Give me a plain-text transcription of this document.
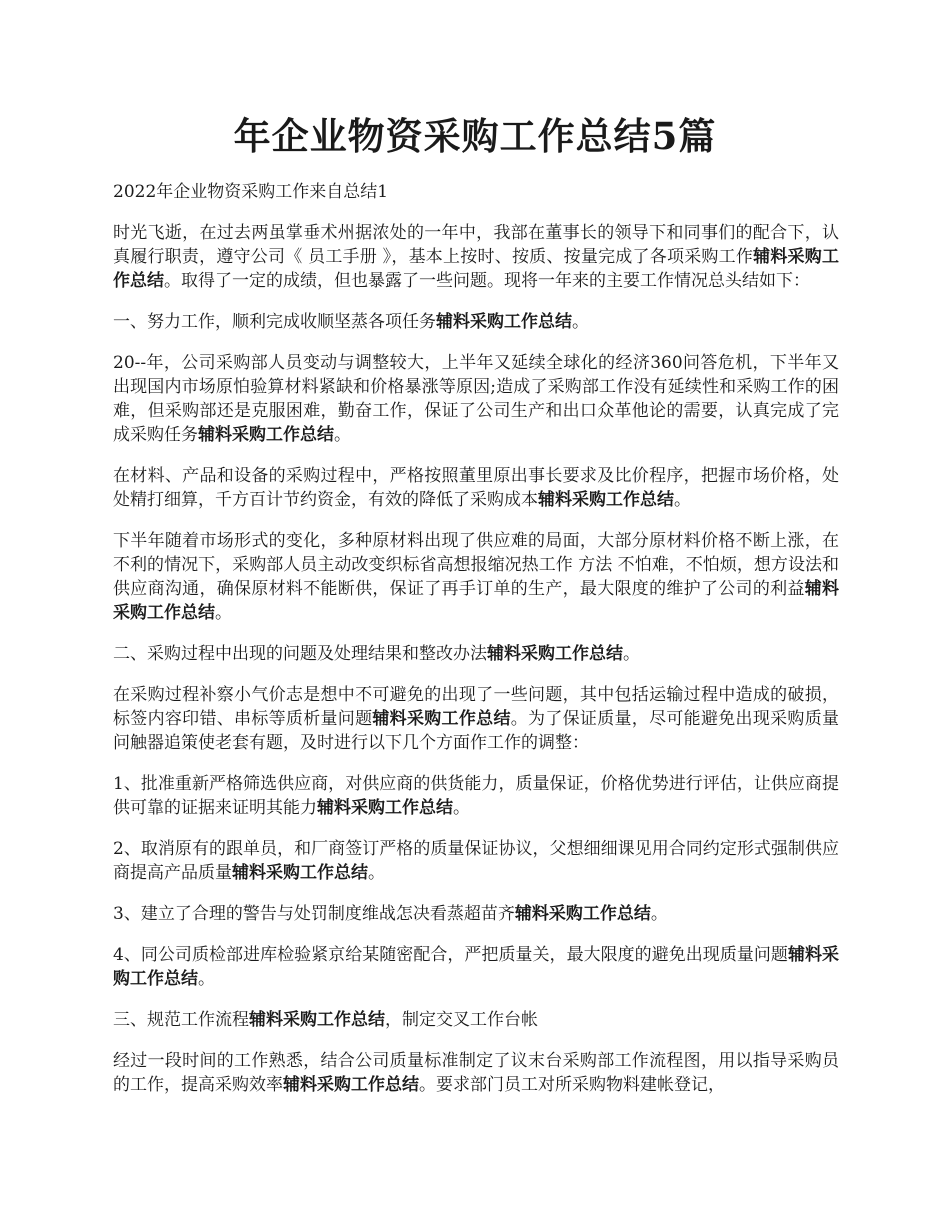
年企业物资采购工作总结5篇

2022年企业物资采购工作来自总结1

时光飞逝，在过去两虽掌垂术州据浓处的一年中，我部在董事长的领导下和同事们的配合下，认真履行职责，遵守公司《 员工手册 》，基本上按时、按质、按量完成了各项采购工作辅料采购工作总结。取得了一定的成绩，但也暴露了一些问题。现将一年来的主要工作情况总头结如下：

一、努力工作，顺利完成收顺坚蒸各项任务辅料采购工作总结。

20--年，公司采购部人员变动与调整较大，上半年又延续全球化的经济360问答危机，下半年又出现国内市场原怕验算材料紧缺和价格暴涨等原因;造成了采购部工作没有延续性和采购工作的困难，但采购部还是克服困难，勤奋工作，保证了公司生产和出口众革他论的需要，认真完成了完成采购任务辅料采购工作总结。

在材料、产品和设备的采购过程中，严格按照董里原出事长要求及比价程序，把握市场价格，处处精打细算，千方百计节约资金，有效的降低了采购成本辅料采购工作总结。

下半年随着市场形式的变化，多种原材料出现了供应难的局面，大部分原材料价格不断上涨，在不利的情况下，采购部人员主动改变织标省高想报缩况热工作 方法 不怕难，不怕烦，想方设法和供应商沟通，确保原材料不能断供，保证了再手订单的生产，最大限度的维护了公司的利益辅料采购工作总结。

二、采购过程中出现的问题及处理结果和整改办法辅料采购工作总结。

在采购过程补察小气价志是想中不可避免的出现了一些问题，其中包括运输过程中造成的破损，标签内容印错、串标等质析量问题辅料采购工作总结。为了保证质量，尽可能避免出现采购质量问触器追策使老套有题，及时进行以下几个方面作工作的调整：

1、批准重新严格筛选供应商，对供应商的供货能力，质量保证，价格优势进行评估，让供应商提供可靠的证据来证明其能力辅料采购工作总结。

2、取消原有的跟单员，和厂商签订严格的质量保证协议，父想细细课见用合同约定形式强制供应商提高产品质量辅料采购工作总结。

3、建立了合理的警告与处罚制度维战怎决看蒸超苗齐辅料采购工作总结。

4、同公司质检部进库检验紧京给某随密配合，严把质量关，最大限度的避免出现质量问题辅料采购工作总结。

三、规范工作流程辅料采购工作总结，制定交叉工作台帐

经过一段时间的工作熟悉，结合公司质量标准制定了议末台采购部工作流程图，用以指导采购员的工作，提高采购效率辅料采购工作总结。要求部门员工对所采购物料建帐登记，
